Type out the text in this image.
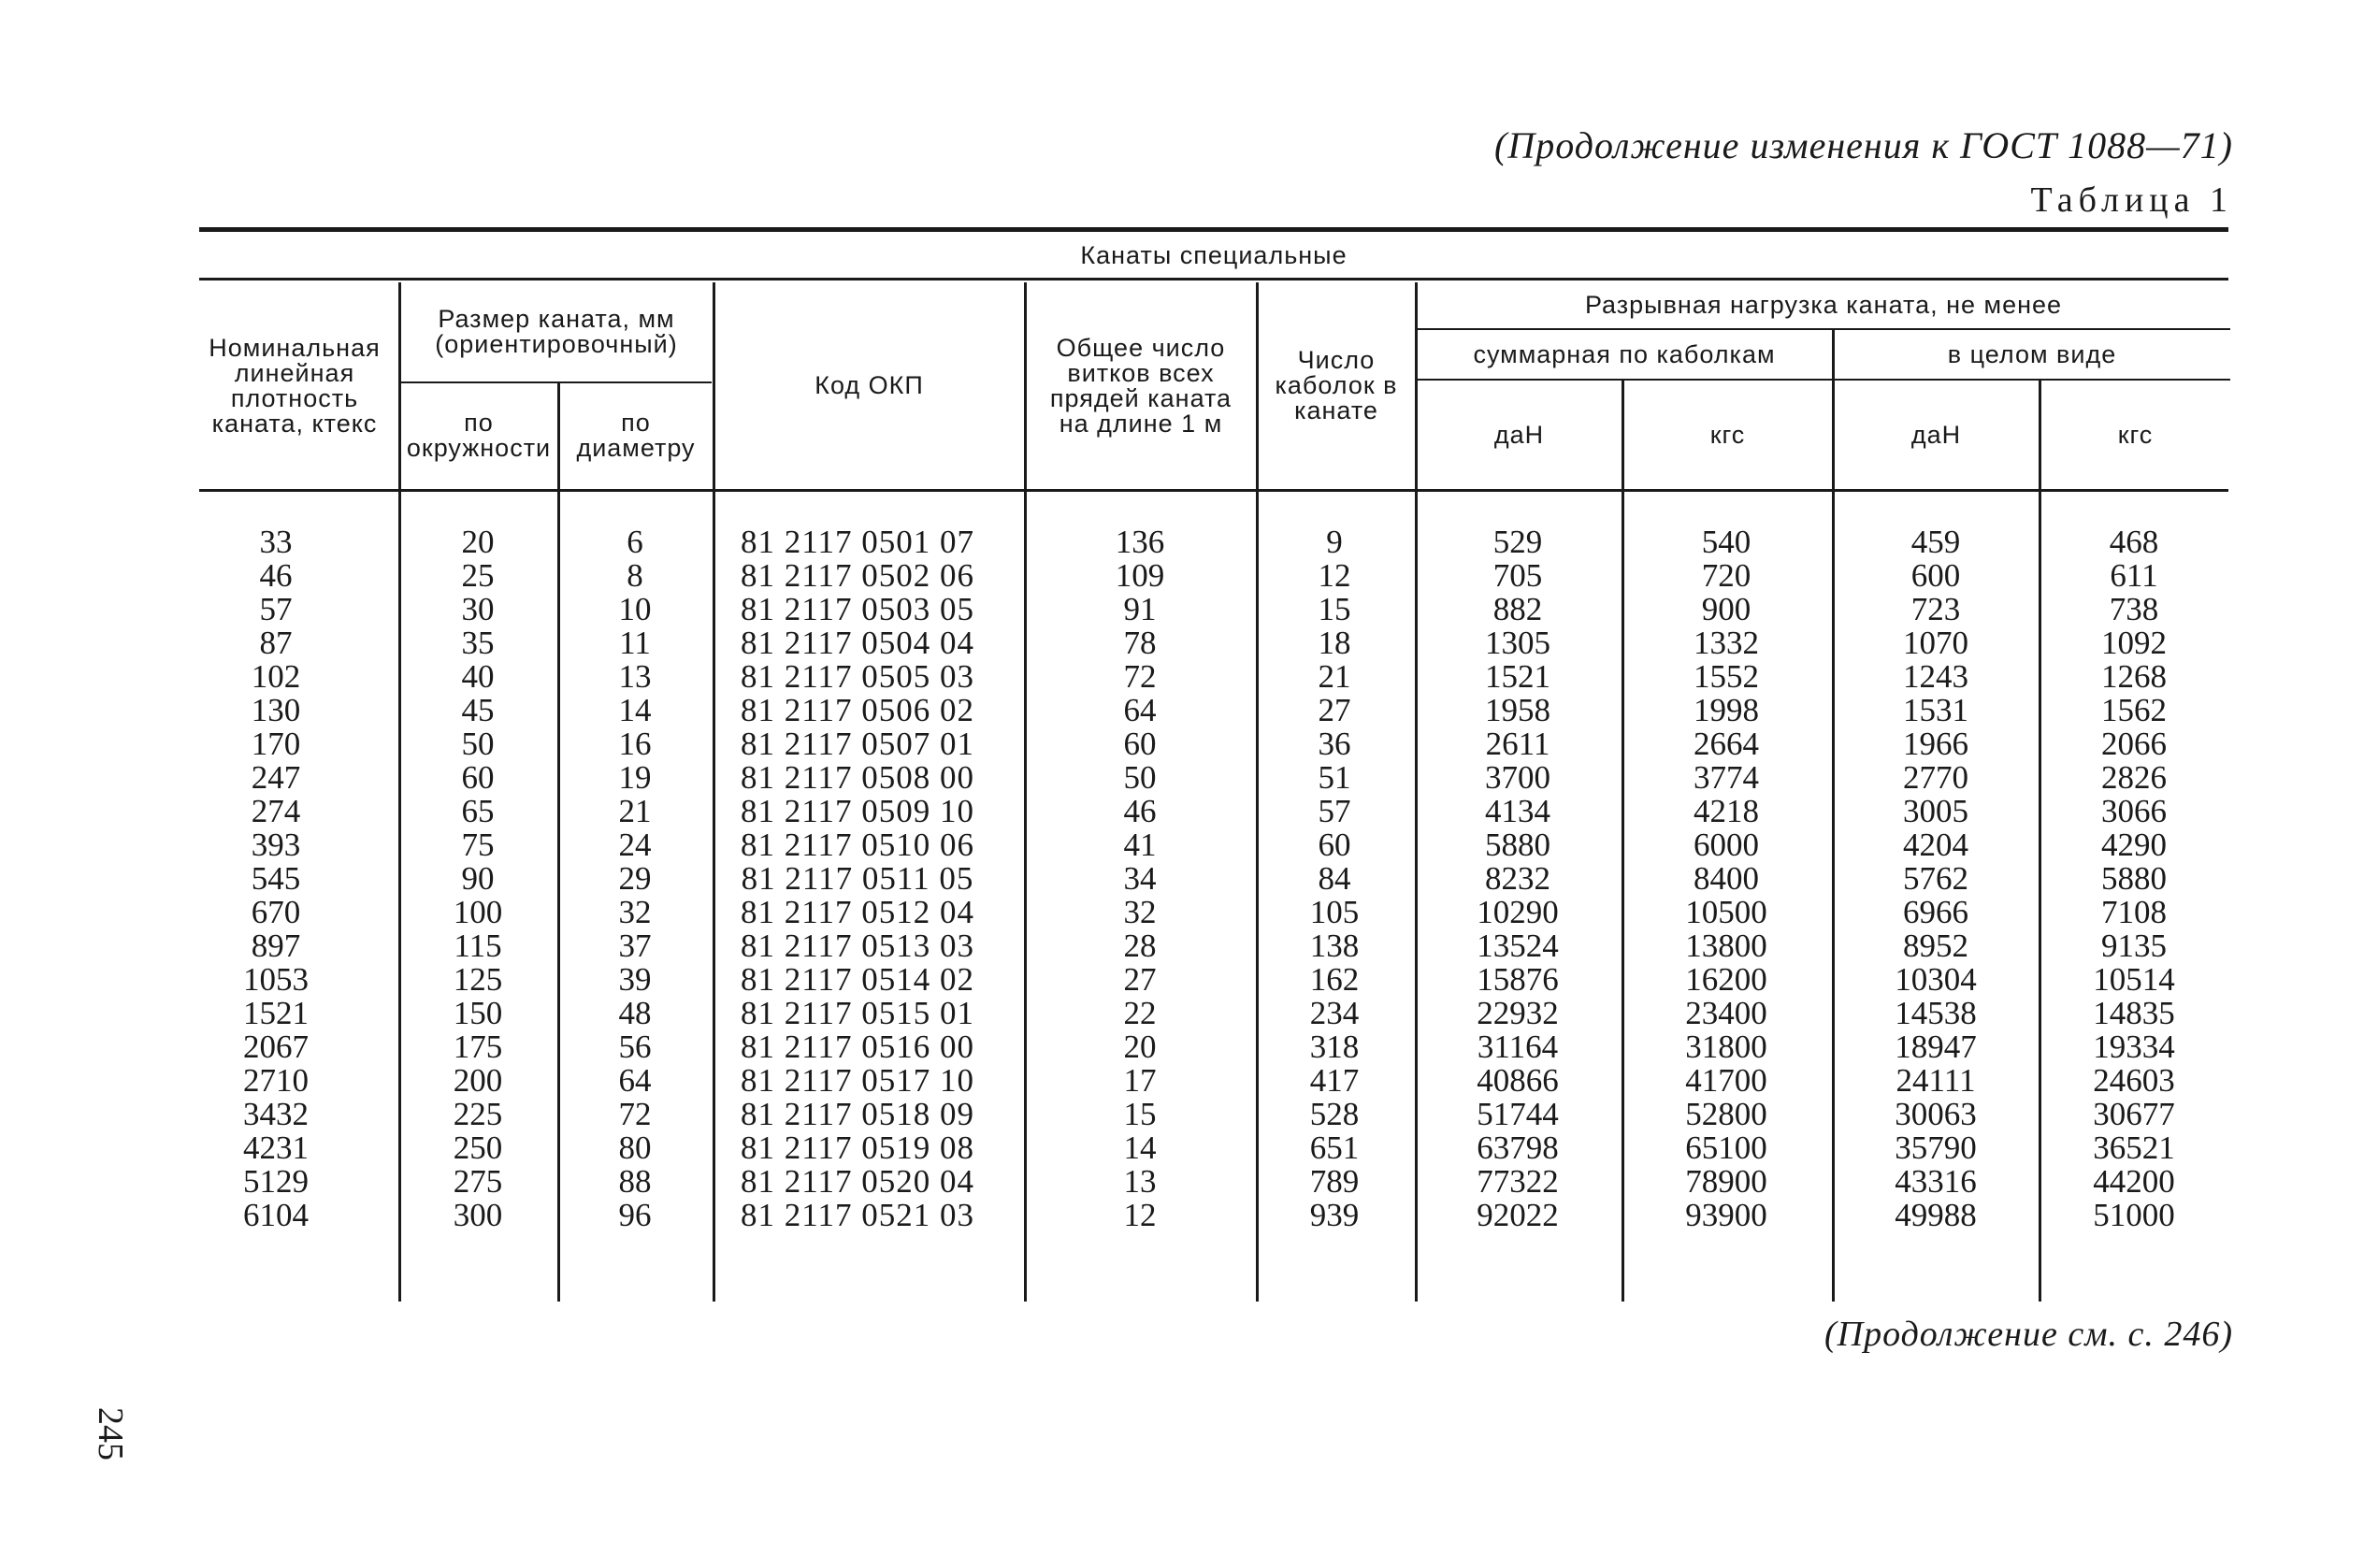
(Продолжение изменения к ГОСТ 1088—71)
Таблица 1
Канаты специальные
Номинальная линейная плотность каната, ктекс
Размер каната, мм (ориентировочный)
по окружности
по диаметру
Код ОКП
Общее число витков всех прядей каната на длине 1 м
Число каболок в канате
Разрывная нагрузка каната, не менее
суммарная по каболкам	в целом виде
даН	кгс	даН	кгс
33	20	6	81 2117 0501 07	136	9	529	540	459	468
46	25	8	81 2117 0502 06	109	12	705	720	600	611
57	30	10	81 2117 0503 05	91	15	882	900	723	738
87	35	11	81 2117 0504 04	78	18	1305	1332	1070	1092
102	40	13	81 2117 0505 03	72	21	1521	1552	1243	1268
130	45	14	81 2117 0506 02	64	27	1958	1998	1531	1562
170	50	16	81 2117 0507 01	60	36	2611	2664	1966	2066
247	60	19	81 2117 0508 00	50	51	3700	3774	2770	2826
274	65	21	81 2117 0509 10	46	57	4134	4218	3005	3066
393	75	24	81 2117 0510 06	41	60	5880	6000	4204	4290
545	90	29	81 2117 0511 05	34	84	8232	8400	5762	5880
670	100	32	81 2117 0512 04	32	105	10290	10500	6966	7108
897	115	37	81 2117 0513 03	28	138	13524	13800	8952	9135
1053	125	39	81 2117 0514 02	27	162	15876	16200	10304	10514
1521	150	48	81 2117 0515 01	22	234	22932	23400	14538	14835
2067	175	56	81 2117 0516 00	20	318	31164	31800	18947	19334
2710	200	64	81 2117 0517 10	17	417	40866	41700	24111	24603
3432	225	72	81 2117 0518 09	15	528	51744	52800	30063	30677
4231	250	80	81 2117 0519 08	14	651	63798	65100	35790	36521
5129	275	88	81 2117 0520 04	13	789	77322	78900	43316	44200
6104	300	96	81 2117 0521 03	12	939	92022	93900	49988	51000
(Продолжение см. с. 246)
245
